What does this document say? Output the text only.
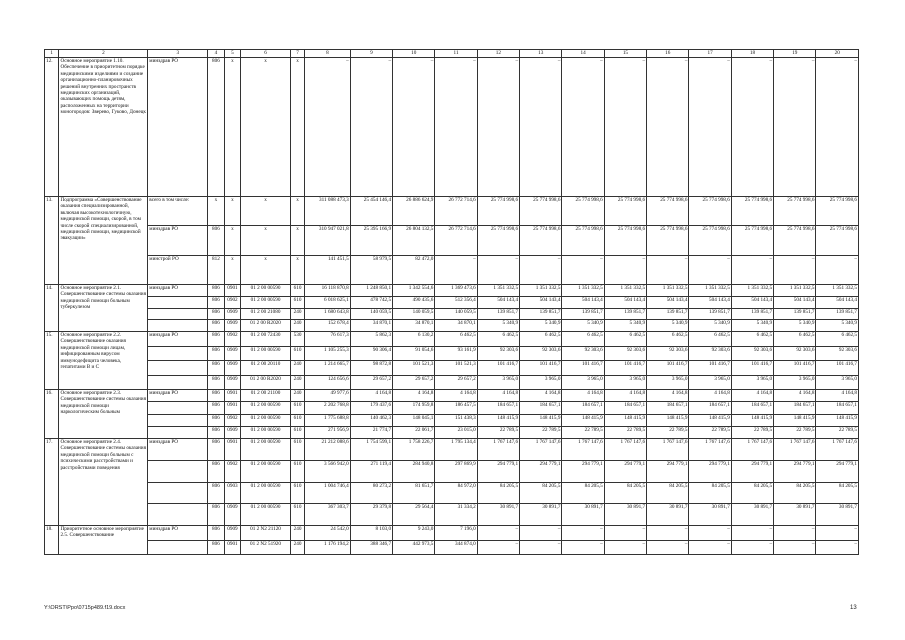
1	2	3	4	5	6	7	8	9	10	11	12	13	14	15	16	17	18	19	20
12.	Основное мероприятие 1.10. Обеспечение в приоритетном порядке медицинскими изделиями и создание организационно-планировочных решений внутренних пространств медицинских организаций, оказывающих помощь детям, расположенных на территории моногородов: Зверево, Гуково, Донецк	минздрав РО	806	х	х	х	–	–	–	–	–	–	–	–	–	–	–	–	–
13.	Подпрограмма «Совершенствование оказания специализированной, включая высокотехнологичную, медицинской помощи, скорой, в том числе скорой специализированной, медицинской помощи, медицинской эвакуации»	всего в том числе:	х	х	х	х	311 088 473,3	25 454 146,4	26 886 624,9	26 772 714,6	25 774 998,6	25 774 998,6	25 774 998,6	25 774 998,6	25 774 998,6	25 774 998,6	25 774 998,6	25 774 998,6	25 774 998,6
		минздрав РО	806	х	х	х	310 947 021,8	25 395 166,9	26 804 132,5	26 772 714,6	25 774 998,6	25 774 998,6	25 774 998,6	25 774 998,6	25 774 998,6	25 774 998,6	25 774 998,6	25 774 998,6	25 774 998,6
		минстрой РО	812	х	х	х	141 451,5	58 979,5	82 472,0	–	–	–	–	–	–	–	–	–	–
14.	Основное мероприятие 2.1. Совершенствование системы оказания медицинской помощи больным туберкулезом	минздрав РО	806	0901	01 2 00 00590	610	16 118 870,8	1 248 850,1	1 342 554,6	1 369 473,6	1 351 332,5	1 351 332,5	1 351 332,5	1 351 332,5	1 351 332,5	1 351 332,5	1 351 332,5	1 351 332,5	1 351 332,5
			806	0902	01 2 00 00590	610	6 018 625,1	478 742,5	490 435,6	512 356,4	504 143,4	504 143,4	504 143,4	504 143,4	504 143,4	504 143,4	504 143,4	504 143,4	504 143,4
			806	0909	01 2 00 21080	240	1 680 643,8	140 059,5	140 059,5	140 059,5	139 851,7	139 851,7	139 851,7	139 851,7	139 851,7	139 851,7	139 851,7	139 851,7	139 851,7
			806	0909	01 2 00 R2020	240	152 678,4	34 870,1	34 870,1	34 870,1	5 340,9	5 340,9	5 340,9	5 340,9	5 340,9	5 340,9	5 340,9	5 340,9	5 340,9
15.	Основное мероприятие 2.2. Совершенствование оказания медицинской помощи лицам, инфицированным вирусом иммунодефицита человека, гепатитами B и C	минздрав РО	806	0902	01 2 00 72430	530	76 617,3	5 862,3	6 130,2	6 462,5	6 462,5	6 462,5	6 462,5	6 462,5	6 462,5	6 462,5	6 462,5	6 462,5	6 462,5
			806	0909	01 2 00 00590	610	1 105 255,3	90 306,4	91 054,6	93 161,9	92 303,6	92 303,6	92 303,6	92 303,6	92 303,6	92 303,6	92 303,6	92 303,6	92 303,6
			806	0909	01 2 00 20110	240	1 214 665,7	98 872,8	101 521,3	101 521,3	101 416,7	101 416,7	101 416,7	101 416,7	101 416,7	101 416,7	101 416,7	101 416,7	101 416,7
			806	0909	01 2 00 R2020	240	124 656,6	29 657,2	29 657,2	29 657,2	3 965,0	3 965,0	3 965,0	3 965,0	3 965,0	3 965,0	3 965,0	3 965,0	3 965,0
16.	Основное мероприятие 2.3. Совершенствование системы оказания медицинской помощи наркологическим больным	минздрав РО	806	0901	01 2 00 21100	240	49 977,6	4 164,8	4 164,8	4 164,8	4 164,8	4 164,8	4 164,8	4 164,8	4 164,8	4 164,8	4 164,8	4 164,8	4 164,8
			806	0901	01 2 00 00590	610	2 202 768,8	179 437,6	174 959,8	186 457,5	184 657,1	184 657,1	184 657,1	184 657,1	184 657,1	184 657,1	184 657,1	184 657,1	184 657,1
			806	0902	01 2 00 00590	610	1 775 688,8	140 462,3	148 045,1	151 438,3	148 415,9	148 415,9	148 415,9	148 415,9	148 415,9	148 415,9	148 415,9	148 415,9	148 415,9
			806	0909	01 2 00 00590	610	271 956,9	21 774,7	22 061,7	23 015,0	22 789,5	22 789,5	22 789,5	22 789,5	22 789,5	22 789,5	22 789,5	22 789,5	22 789,5
17.	Основное мероприятие 2.4. Совершенствование системы оказания медицинской помощи больным с психическими расстройствами и расстройствами поведения	минздрав РО	806	0901	01 2 00 00590	610	21 212 088,6	1 754 599,1	1 758 226,7	1 795 134,4	1 767 147,6	1 767 147,6	1 767 147,6	1 767 147,6	1 767 147,6	1 767 147,6	1 767 147,6	1 767 147,6	1 767 147,6
			806	0902	01 2 00 00590	610	3 566 942,0	271 119,4	284 940,8	297 869,9	294 779,1	294 779,1	294 779,1	294 779,1	294 779,1	294 779,1	294 779,1	294 779,1	294 779,1
			806	0903	01 2 00 00590	610	1 004 746,4	80 273,2	81 651,7	84 972,0	84 205,5	84 205,5	84 205,5	84 205,5	84 205,5	84 205,5	84 205,5	84 205,5	84 205,5
			806	0909	01 2 00 00590	610	367 303,7	29 379,8	29 564,4	31 334,2	30 891,7	30 891,7	30 891,7	30 891,7	30 891,7	30 891,7	30 891,7	30 891,7	30 891,7
18.	Приоритетное основное мероприятие 2.5. Совершенствование	минздрав РО	806	0909	01 2 N2 21120	240	24 542,0	8 103,0	9 243,0	7 196,0	–	–	–	–	–	–	–	–	–
			806	0901	01 2 N2 51920	240	1 176 194,2	388 346,7	442 973,5	344 874,0	–	–	–	–	–	–	–	–	–
Y:\ORST\Ppo\0715p489.f19.docx	13
